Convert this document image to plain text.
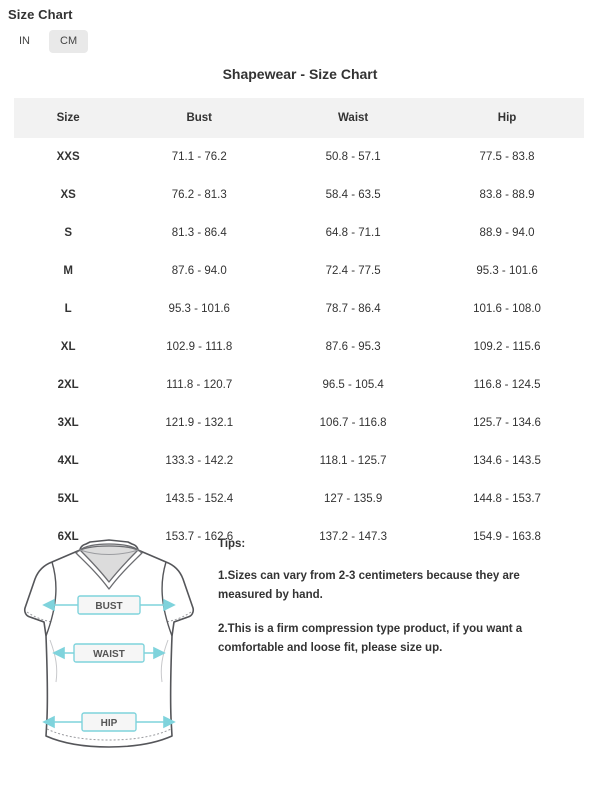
Size Chart
IN	CM
Shapewear - Size Chart
Size	Bust	Waist	Hip
XXS	71.1 - 76.2	50.8 - 57.1	77.5 - 83.8
XS	76.2 - 81.3	58.4 - 63.5	83.8 - 88.9
S	81.3 - 86.4	64.8 - 71.1	88.9 - 94.0
M	87.6 - 94.0	72.4 - 77.5	95.3 - 101.6
L	95.3 - 101.6	78.7 - 86.4	101.6 - 108.0
XL	102.9 - 111.8	87.6 - 95.3	109.2 - 115.6
2XL	111.8 - 120.7	96.5 - 105.4	116.8 - 124.5
3XL	121.9 - 132.1	106.7 - 116.8	125.7 - 134.6
4XL	133.3 - 142.2	118.1 - 125.7	134.6 - 143.5
5XL	143.5 - 152.4	127 - 135.9	144.8 - 153.7
6XL	153.7 - 162.6	137.2 - 147.3	154.9 - 163.8
BUST
WAIST
HIP
Tips:
1.Sizes can vary from 2-3 centimeters because they are measured by hand.
2.This is a firm compression type product, if you want a comfortable and loose fit, please size up.
